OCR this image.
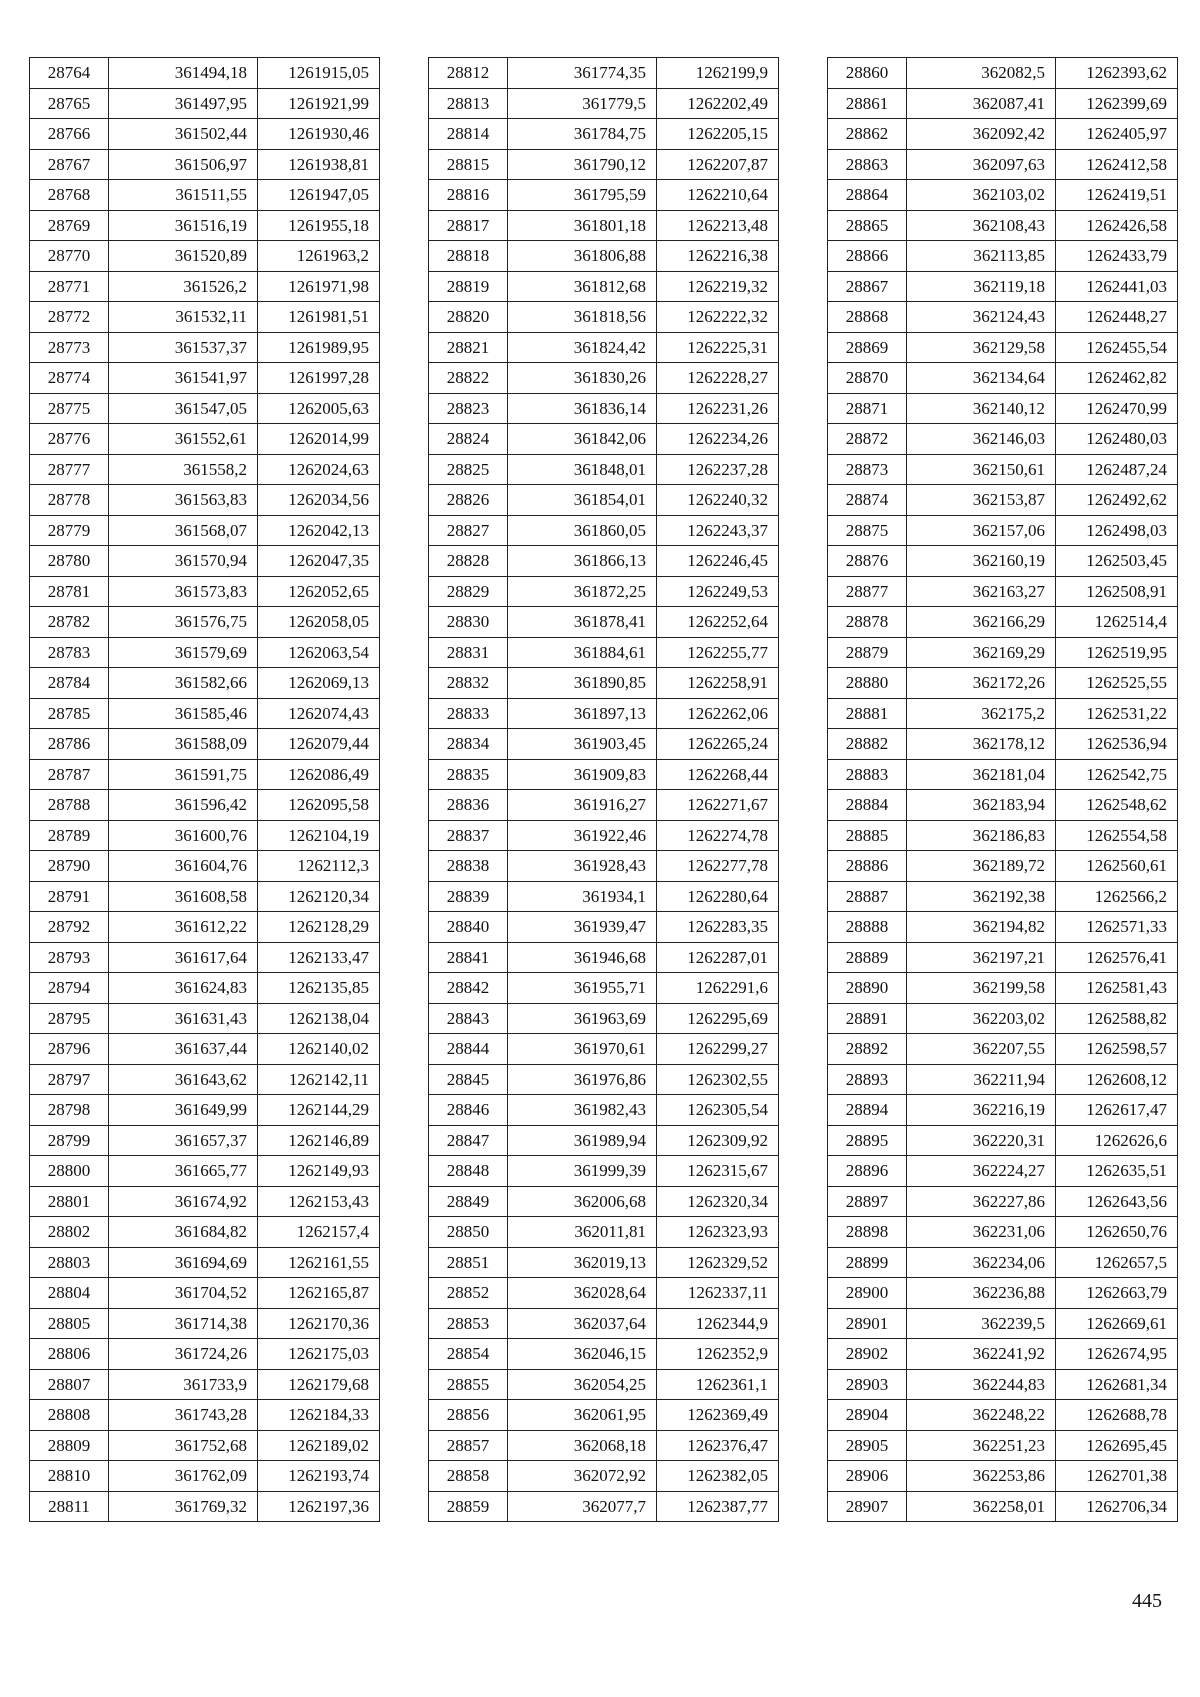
28764	361494,18	1261915,05
28765	361497,95	1261921,99
28766	361502,44	1261930,46
28767	361506,97	1261938,81
28768	361511,55	1261947,05
28769	361516,19	1261955,18
28770	361520,89	1261963,2
28771	361526,2	1261971,98
28772	361532,11	1261981,51
28773	361537,37	1261989,95
28774	361541,97	1261997,28
28775	361547,05	1262005,63
28776	361552,61	1262014,99
28777	361558,2	1262024,63
28778	361563,83	1262034,56
28779	361568,07	1262042,13
28780	361570,94	1262047,35
28781	361573,83	1262052,65
28782	361576,75	1262058,05
28783	361579,69	1262063,54
28784	361582,66	1262069,13
28785	361585,46	1262074,43
28786	361588,09	1262079,44
28787	361591,75	1262086,49
28788	361596,42	1262095,58
28789	361600,76	1262104,19
28790	361604,76	1262112,3
28791	361608,58	1262120,34
28792	361612,22	1262128,29
28793	361617,64	1262133,47
28794	361624,83	1262135,85
28795	361631,43	1262138,04
28796	361637,44	1262140,02
28797	361643,62	1262142,11
28798	361649,99	1262144,29
28799	361657,37	1262146,89
28800	361665,77	1262149,93
28801	361674,92	1262153,43
28802	361684,82	1262157,4
28803	361694,69	1262161,55
28804	361704,52	1262165,87
28805	361714,38	1262170,36
28806	361724,26	1262175,03
28807	361733,9	1262179,68
28808	361743,28	1262184,33
28809	361752,68	1262189,02
28810	361762,09	1262193,74
28811	361769,32	1262197,36
28812	361774,35	1262199,9
28813	361779,5	1262202,49
28814	361784,75	1262205,15
28815	361790,12	1262207,87
28816	361795,59	1262210,64
28817	361801,18	1262213,48
28818	361806,88	1262216,38
28819	361812,68	1262219,32
28820	361818,56	1262222,32
28821	361824,42	1262225,31
28822	361830,26	1262228,27
28823	361836,14	1262231,26
28824	361842,06	1262234,26
28825	361848,01	1262237,28
28826	361854,01	1262240,32
28827	361860,05	1262243,37
28828	361866,13	1262246,45
28829	361872,25	1262249,53
28830	361878,41	1262252,64
28831	361884,61	1262255,77
28832	361890,85	1262258,91
28833	361897,13	1262262,06
28834	361903,45	1262265,24
28835	361909,83	1262268,44
28836	361916,27	1262271,67
28837	361922,46	1262274,78
28838	361928,43	1262277,78
28839	361934,1	1262280,64
28840	361939,47	1262283,35
28841	361946,68	1262287,01
28842	361955,71	1262291,6
28843	361963,69	1262295,69
28844	361970,61	1262299,27
28845	361976,86	1262302,55
28846	361982,43	1262305,54
28847	361989,94	1262309,92
28848	361999,39	1262315,67
28849	362006,68	1262320,34
28850	362011,81	1262323,93
28851	362019,13	1262329,52
28852	362028,64	1262337,11
28853	362037,64	1262344,9
28854	362046,15	1262352,9
28855	362054,25	1262361,1
28856	362061,95	1262369,49
28857	362068,18	1262376,47
28858	362072,92	1262382,05
28859	362077,7	1262387,77
28860	362082,5	1262393,62
28861	362087,41	1262399,69
28862	362092,42	1262405,97
28863	362097,63	1262412,58
28864	362103,02	1262419,51
28865	362108,43	1262426,58
28866	362113,85	1262433,79
28867	362119,18	1262441,03
28868	362124,43	1262448,27
28869	362129,58	1262455,54
28870	362134,64	1262462,82
28871	362140,12	1262470,99
28872	362146,03	1262480,03
28873	362150,61	1262487,24
28874	362153,87	1262492,62
28875	362157,06	1262498,03
28876	362160,19	1262503,45
28877	362163,27	1262508,91
28878	362166,29	1262514,4
28879	362169,29	1262519,95
28880	362172,26	1262525,55
28881	362175,2	1262531,22
28882	362178,12	1262536,94
28883	362181,04	1262542,75
28884	362183,94	1262548,62
28885	362186,83	1262554,58
28886	362189,72	1262560,61
28887	362192,38	1262566,2
28888	362194,82	1262571,33
28889	362197,21	1262576,41
28890	362199,58	1262581,43
28891	362203,02	1262588,82
28892	362207,55	1262598,57
28893	362211,94	1262608,12
28894	362216,19	1262617,47
28895	362220,31	1262626,6
28896	362224,27	1262635,51
28897	362227,86	1262643,56
28898	362231,06	1262650,76
28899	362234,06	1262657,5
28900	362236,88	1262663,79
28901	362239,5	1262669,61
28902	362241,92	1262674,95
28903	362244,83	1262681,34
28904	362248,22	1262688,78
28905	362251,23	1262695,45
28906	362253,86	1262701,38
28907	362258,01	1262706,34
445
